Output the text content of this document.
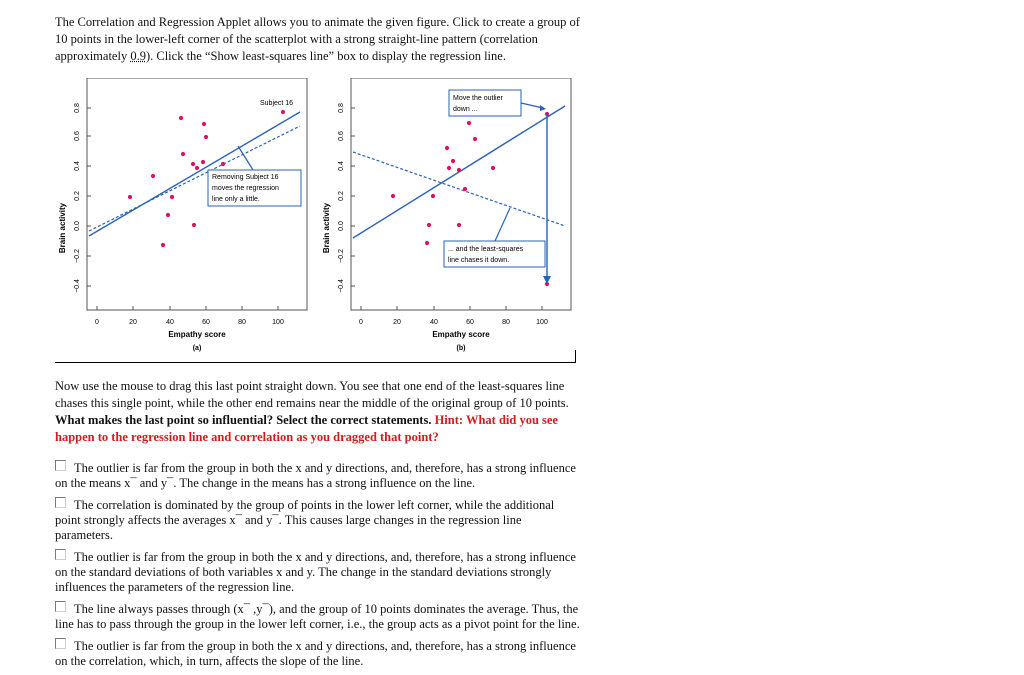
The Correlation and Regression Applet allows you to animate the given figure. Click to create a group of 10 points in the lower-left corner of the scatterplot with a strong straight-line pattern (correlation approximately 0.9). Click the “Show least-squares line” box to display the regression line.
0.8
0.6
0.4
0.2
0.0
−0.2
−0.4
0	20	40	60	80	100
Brain activity
Empathy score
(a)
Subject 16
Removing Subject 16
moves the regression
line only a little.
0.8
0.6
0.4
0.2
0.0
−0.2
−0.4
0	20	40	60	80	100
Brain activity
Empathy score
(b)
Move the outlier
down ...
... and the least-squares
line chases it down.
Now use the mouse to drag this last point straight down. You see that one end of the least-squares line chases this single point, while the other end remains near the middle of the original group of 10 points. What makes the last point so influential? Select the correct statements. Hint: What did you see happen to the regression line and correlation as you dragged that point?
The outlier is far from the group in both the x and y directions, and, therefore, has a strong influence on the means x¯ and y¯. The change in the means has a strong influence on the line.
The correlation is dominated by the group of points in the lower left corner, while the additional point strongly affects the averages x¯ and y¯. This causes large changes in the regression line parameters.
The outlier is far from the group in both the x and y directions, and, therefore, has a strong influence on the standard deviations of both variables x and y. The change in the standard deviations strongly influences the parameters of the regression line.
The line always passes through (x¯ ,y¯), and the group of 10 points dominates the average. Thus, the line has to pass through the group in the lower left corner, i.e., the group acts as a pivot point for the line.
The outlier is far from the group in both the x and y directions, and, therefore, has a strong influence on the correlation, which, in turn, affects the slope of the line.
